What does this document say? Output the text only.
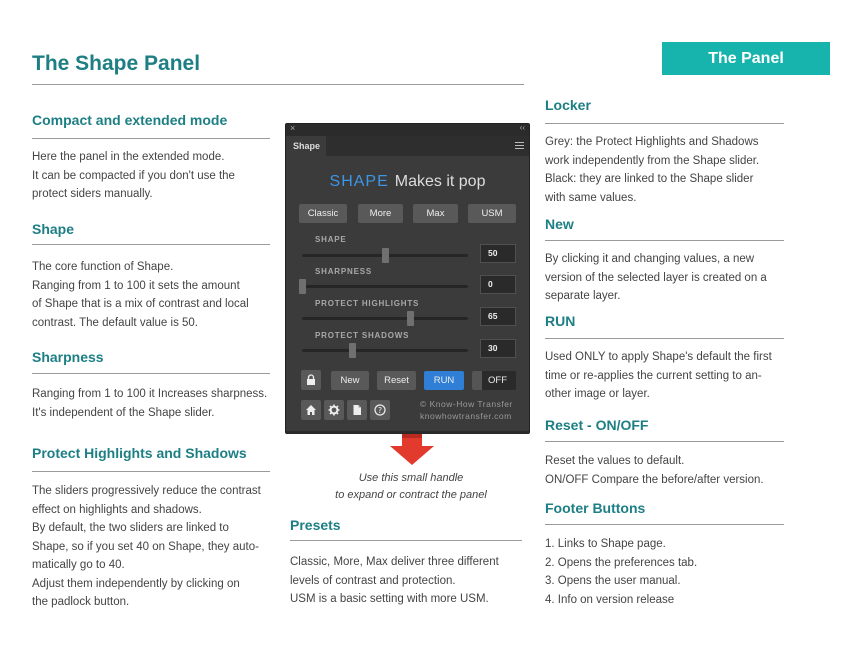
The Shape Panel	The Panel
Compact and extended mode
Here the panel in the extended mode.
It can be compacted if you don't use the
protect siders manually.
Shape
The core function of Shape.
Ranging from 1 to 100 it sets the amount
of Shape that is a mix of contrast and local
contrast. The default value is 50.
Sharpness
Ranging from 1 to 100 it Increases sharpness.
It's independent of the Shape slider.
Protect Highlights and Shadows
The sliders progressively reduce the contrast
effect on highlights and shadows.
By default, the two sliders are linked to
Shape, so if you set 40 on Shape, they auto-
matically go to 40.
Adjust them independently by clicking on
the padlock button.
×	‹‹
Shape
SHAPE Makes it pop
Classic	More	Max	USM
SHAPE
50
SHARPNESS
0
PROTECT HIGHLIGHTS
65
PROTECT SHADOWS
30
New	Reset	RUN	OFF
?
© Know-How Transfer
knowhowtransfer.com
Use this small handle
to expand or contract the panel
Presets
Classic, More, Max deliver three different
levels of contrast and protection.
USM is a basic setting with more USM.
Locker
Grey: the Protect Highlights and Shadows
work independently from the Shape slider.
Black: they are linked to the Shape slider
with same values.
New
By clicking it and changing values, a new
version of the selected layer is created on a
separate layer.
RUN
Used ONLY to apply Shape's default the first
time or re-applies the current setting to an-
other image or layer.
Reset - ON/OFF
Reset the values to default.
ON/OFF Compare the before/after version.
Footer Buttons
1. Links to Shape page.
2. Opens the preferences tab.
3. Opens the user manual.
4. Info on version release
